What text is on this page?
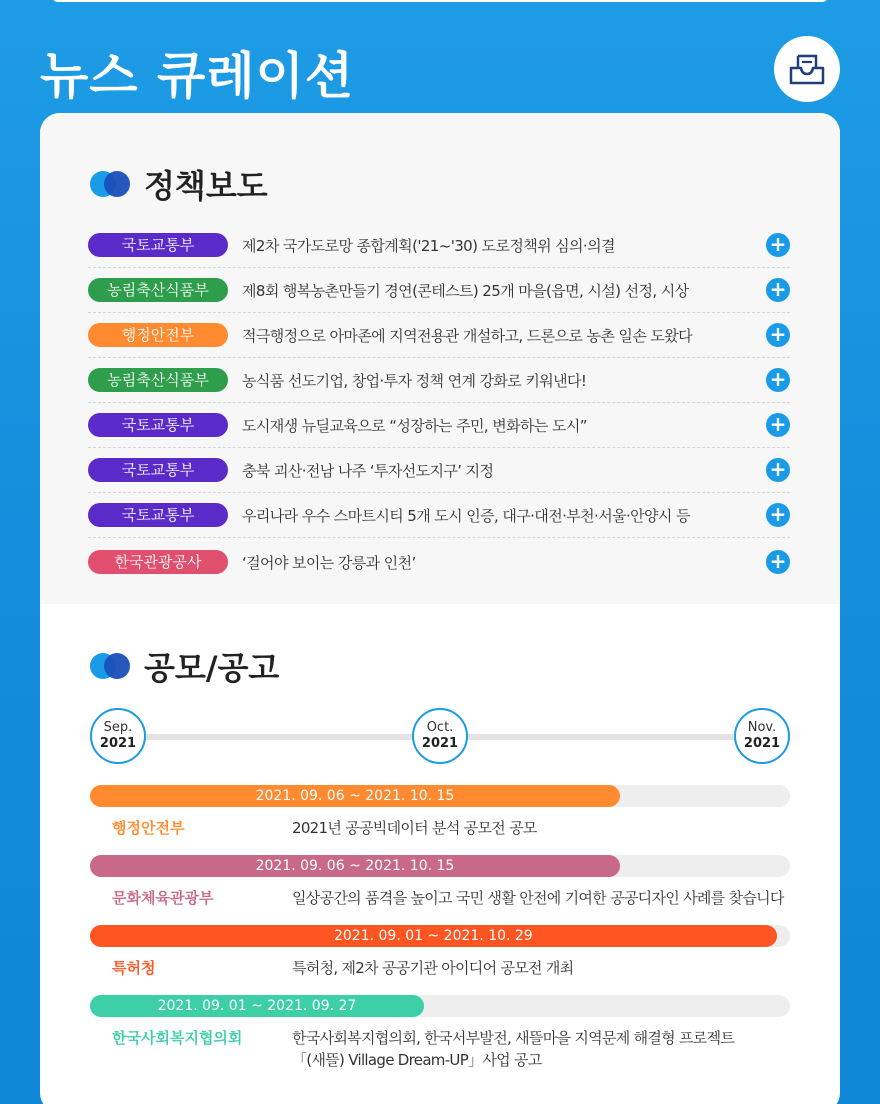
뉴스 큐레이션
정책보도
국토교통부	제2차 국가도로망 종합계획('21~'30) 도로정책위 심의·의결	+
농림축산식품부	제8회 행복농촌만들기 경연(콘테스트) 25개 마을(읍면, 시설) 선정, 시상	+
행정안전부	적극행정으로 아마존에 지역전용관 개설하고, 드론으로 농촌 일손 도왔다	+
농림축산식품부	농식품 선도기업, 창업·투자 정책 연계 강화로 키워낸다!	+
국토교통부	도시재생 뉴딜교육으로 “성장하는 주민, 변화하는 도시”	+
국토교통부	충북 괴산·전남 나주 ‘투자선도지구’ 지정	+
국토교통부	우리나라 우수 스마트시티 5개 도시 인증, 대구·대전·부천·서울·안양시 등	+
한국관광공사	‘걸어야 보이는 강릉과 인천’	+
공모/공고
Sep.
2021
Oct.
2021
Nov.
2021
2021. 09. 06 ~ 2021. 10. 15
행정안전부	2021년 공공빅데이터 분석 공모전 공모
2021. 09. 06 ~ 2021. 10. 15
문화체육관광부	일상공간의 품격을 높이고 국민 생활 안전에 기여한 공공디자인 사례를 찾습니다
2021. 09. 01 ~ 2021. 10. 29
특허청	특허청, 제2차 공공기관 아이디어 공모전 개최
2021. 09. 01 ~ 2021. 09. 27
한국사회복지협의회	한국사회복지협의회, 한국서부발전, 새뜰마을 지역문제 해결형 프로젝트
「(새뜰) Village Dream-UP」사업 공고
